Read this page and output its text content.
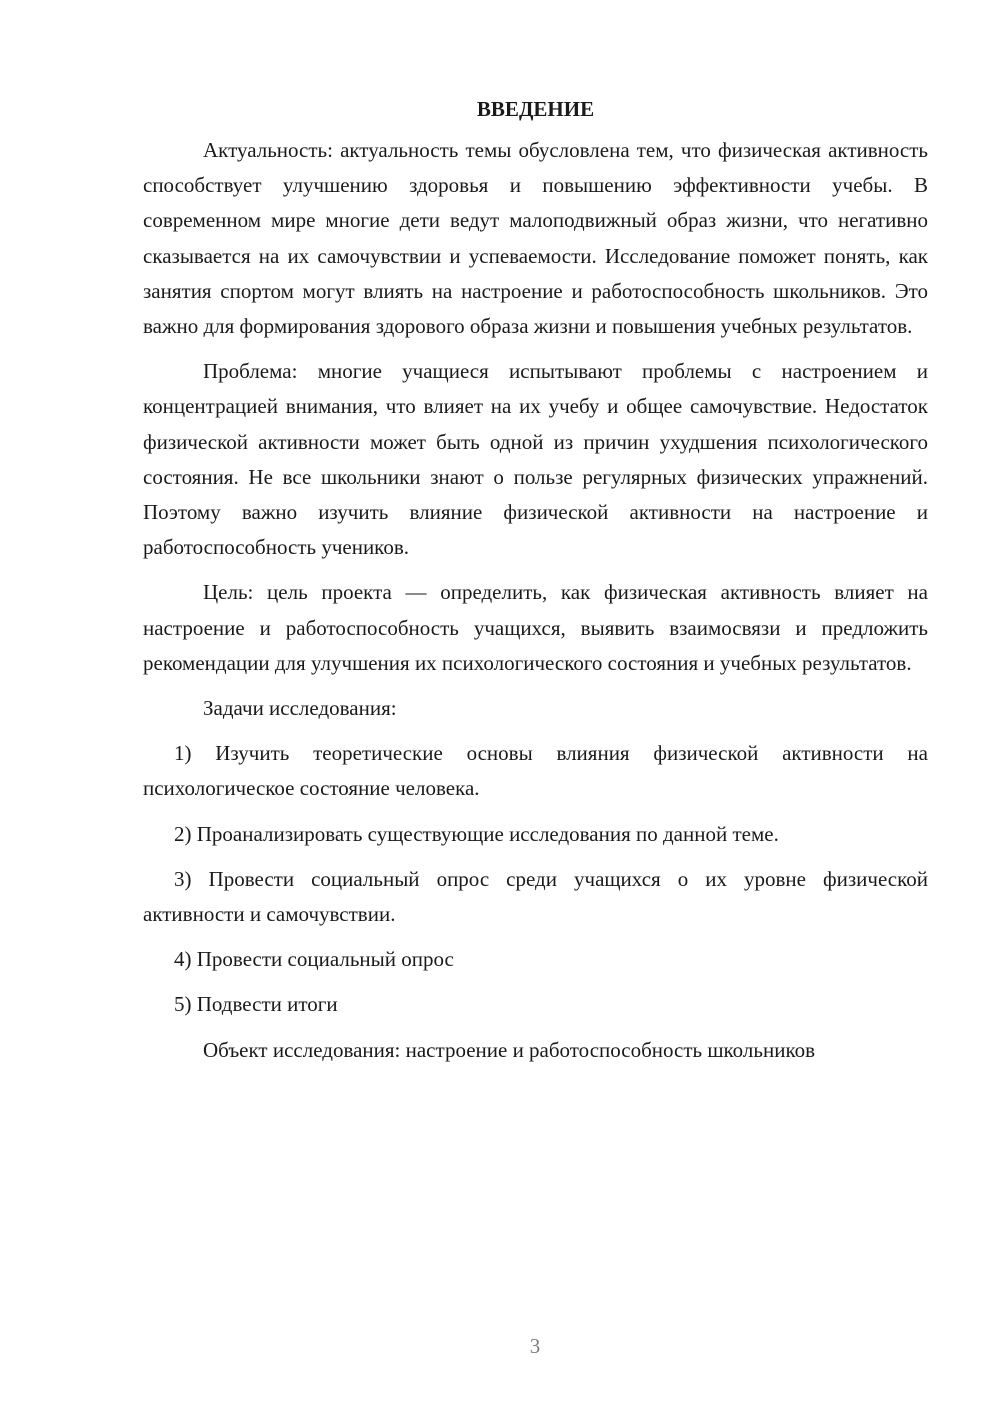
ВВЕДЕНИЕ

Актуальность: актуальность темы обусловлена тем, что физическая активность способствует улучшению здоровья и повышению эффективности учебы. В современном мире многие дети ведут малоподвижный образ жизни, что негативно сказывается на их самочувствии и успеваемости. Исследование поможет понять, как занятия спортом могут влиять на настроение и работоспособность школьников. Это важно для формирования здорового образа жизни и повышения учебных результатов.

Проблема: многие учащиеся испытывают проблемы с настроением и концентрацией внимания, что влияет на их учебу и общее самочувствие. Недостаток физической активности может быть одной из причин ухудшения психологического состояния. Не все школьники знают о пользе регулярных физических упражнений. Поэтому важно изучить влияние физической активности на настроение и работоспособность учеников.

Цель: цель проекта — определить, как физическая активность влияет на настроение и работоспособность учащихся, выявить взаимосвязи и предложить рекомендации для улучшения их психологического состояния и учебных результатов.

Задачи исследования:

1) Изучить теоретические основы влияния физической активности на психологическое состояние человека.

2) Проанализировать существующие исследования по данной теме.

3) Провести социальный опрос среди учащихся о их уровне физической активности и самочувствии.

4) Провести социальный опрос

5) Подвести итоги

Объект исследования: настроение и работоспособность школьников

3
